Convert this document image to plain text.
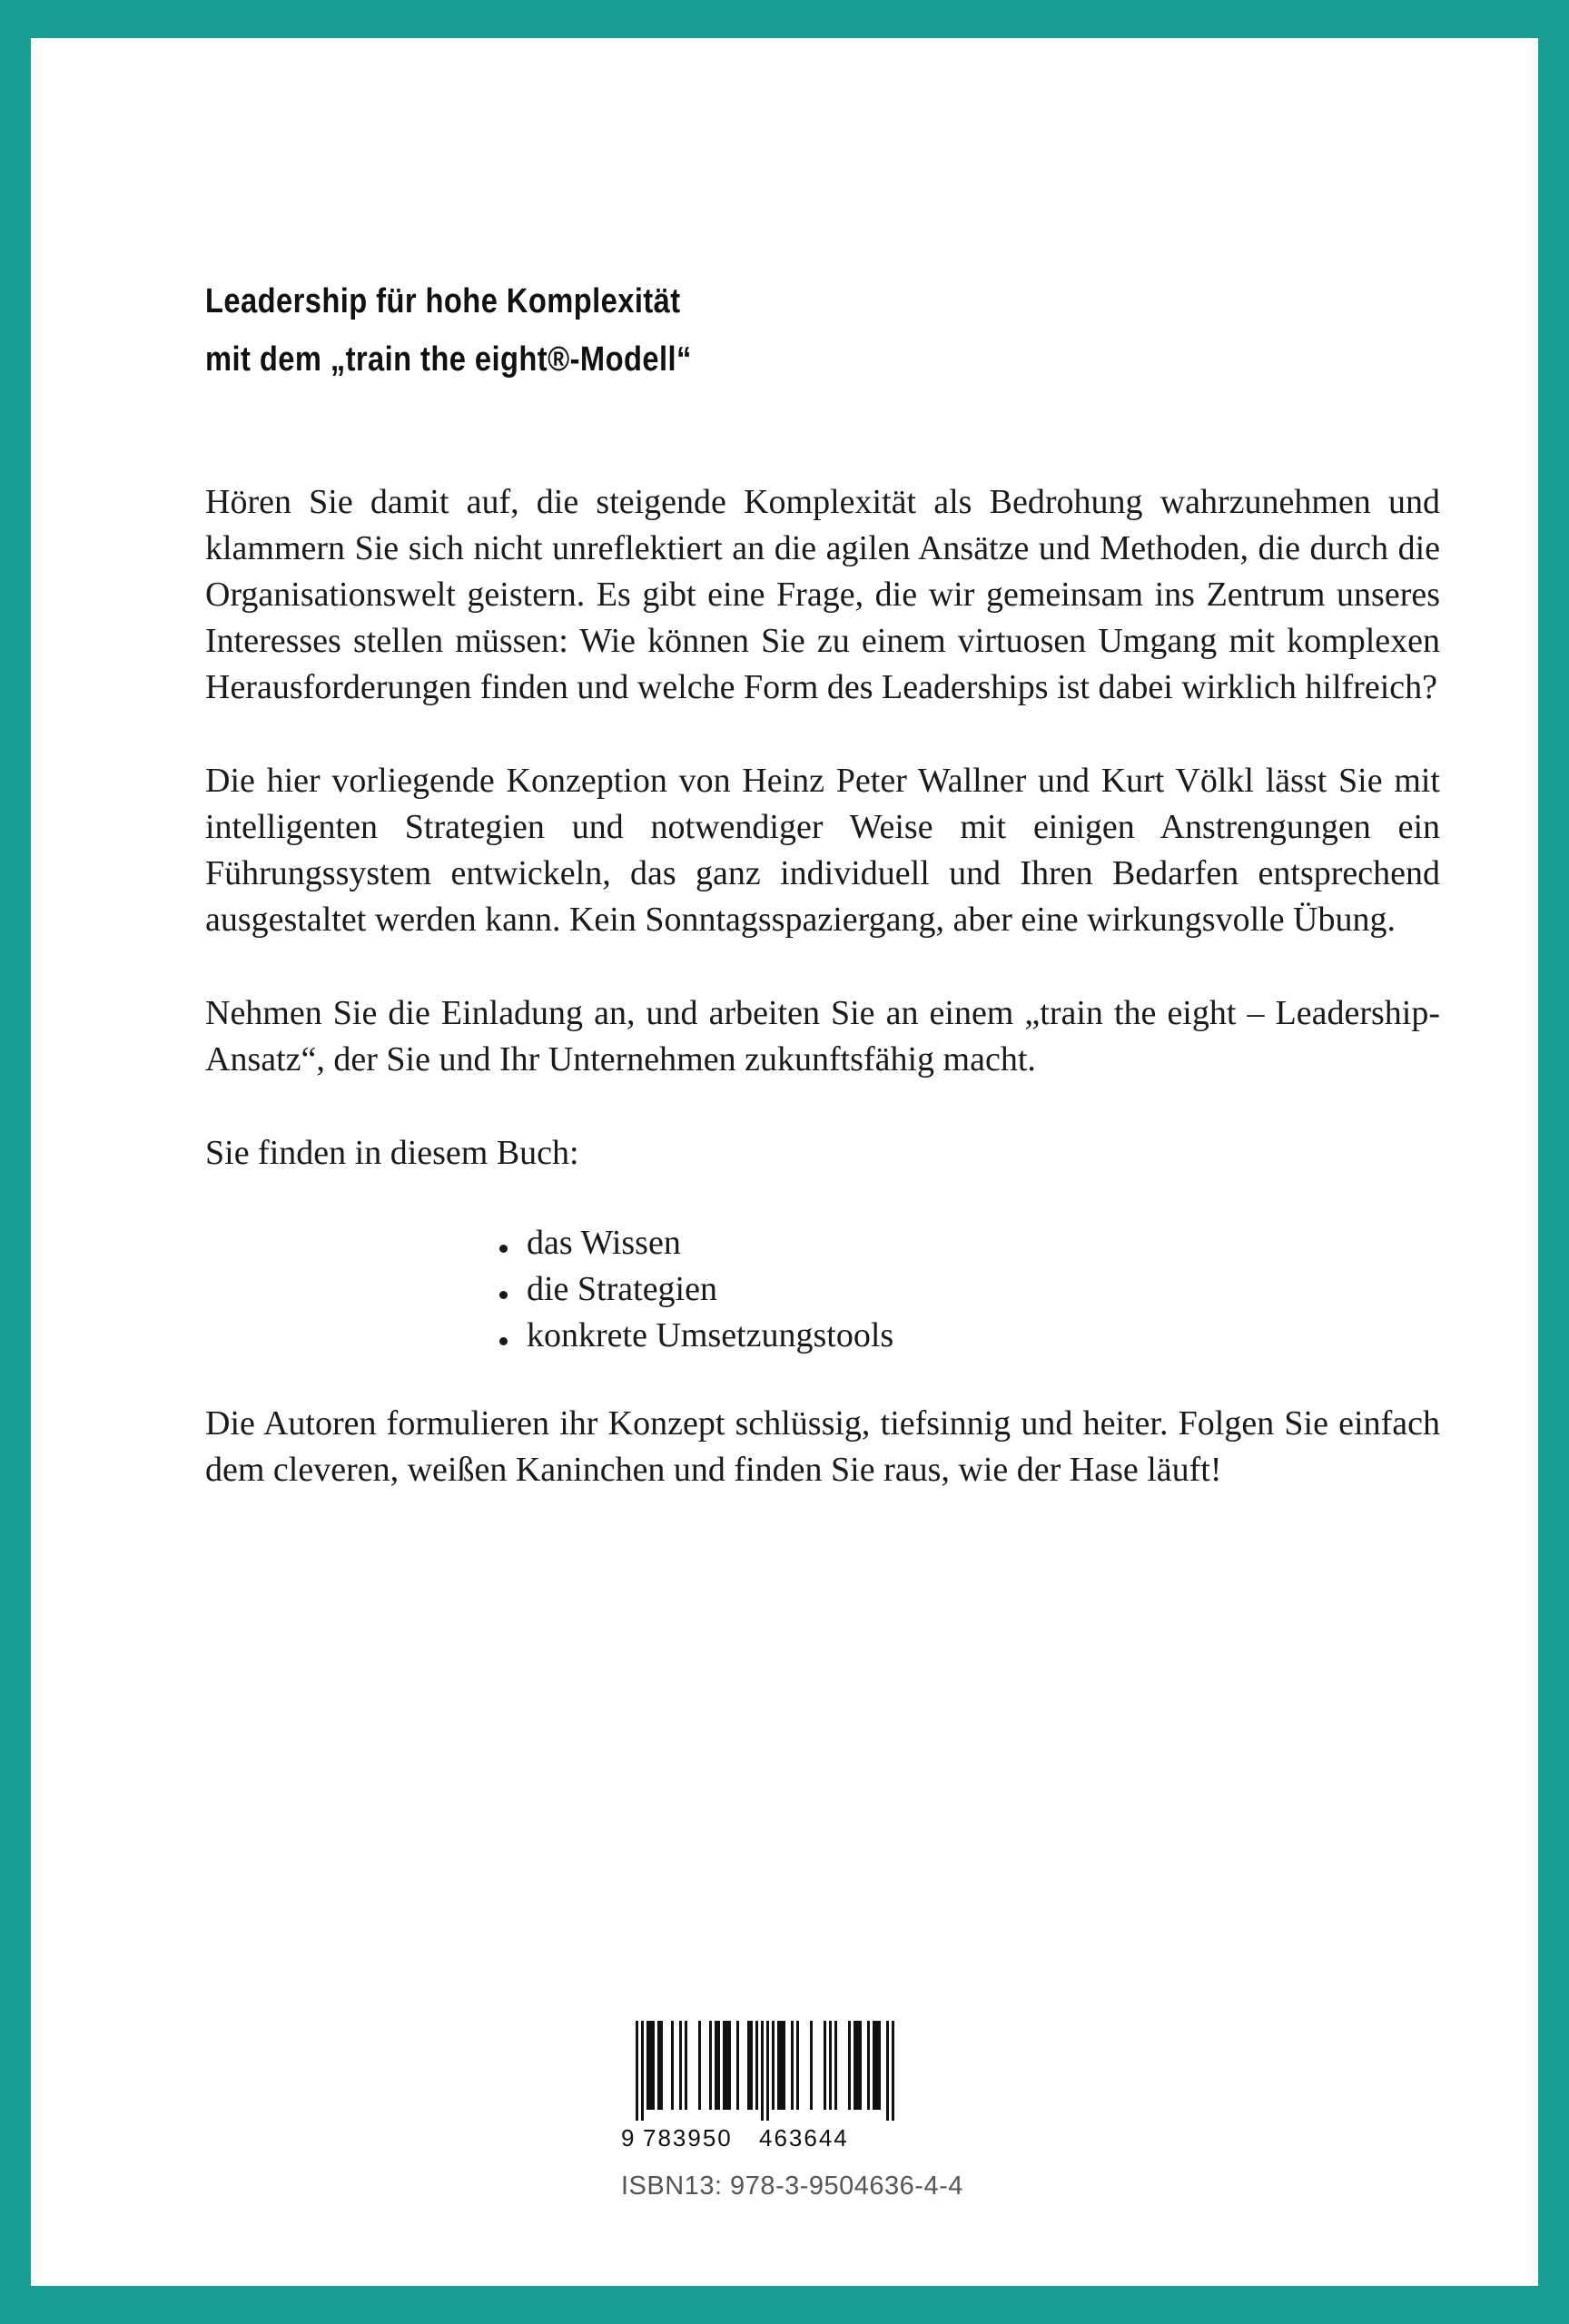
Leadership für hohe Komplexität
mit dem „train the eight®-Modell“

Hören Sie damit auf, die steigende Komplexität als Bedrohung wahrzunehmen und klammern Sie sich nicht unreflektiert an die agilen Ansätze und Methoden, die durch die Organisationswelt geistern. Es gibt eine Frage, die wir gemeinsam ins Zentrum unseres Interesses stellen müssen: Wie können Sie zu einem virtuosen Umgang mit komplexen Herausforderungen finden und welche Form des Leaderships ist dabei wirklich hilfreich?

Die hier vorliegende Konzeption von Heinz Peter Wallner und Kurt Völkl lässt Sie mit intelligenten Strategien und notwendiger Weise mit einigen Anstrengungen ein Führungssystem entwickeln, das ganz individuell und Ihren Bedarfen entsprechend ausgestaltet werden kann. Kein Sonntagsspaziergang, aber eine wirkungsvolle Übung.

Nehmen Sie die Einladung an, und arbeiten Sie an einem „train the eight – Leadership-Ansatz“, der Sie und Ihr Unternehmen zukunftsfähig macht.

Sie finden in diesem Buch:

das Wissen
die Strategien
konkrete Umsetzungstools

Die Autoren formulieren ihr Konzept schlüssig, tiefsinnig und heiter. Folgen Sie einfach dem cleveren, weißen Kaninchen und finden Sie raus, wie der Hase läuft!

9 783950 463644
ISBN13: 978-3-9504636-4-4
